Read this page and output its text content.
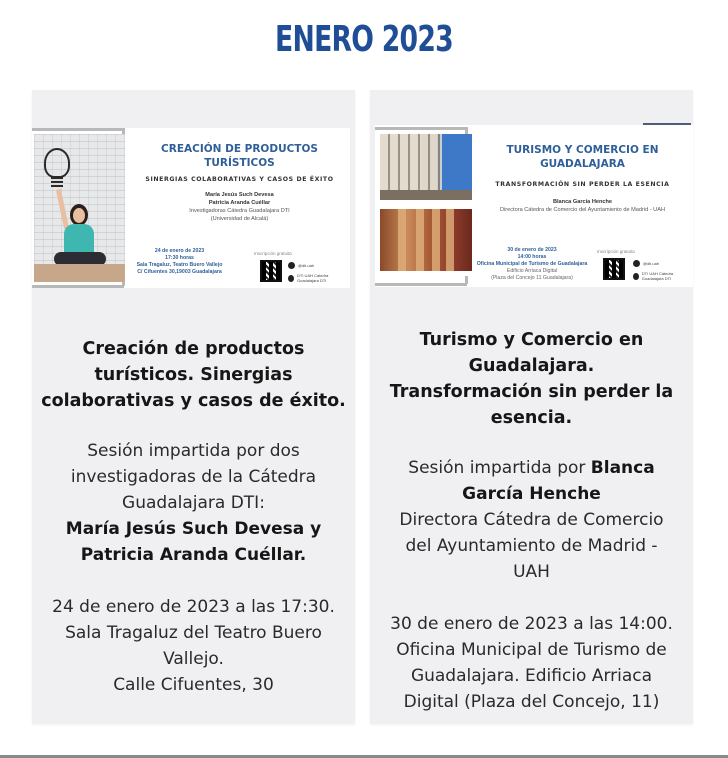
ENERO 2023
CREACIÓN DE PRODUCTOS
TURÍSTICOS
SINERGIAS COLABORATIVAS Y CASOS DE ÉXITO
María Jesús Such Devesa
Patricia Aranda Cuéllar
Investigadoras Cátedra Guadalajara DTI
(Universidad de Alcalá)
24 de enero de 2023
17:30 horas
Sala Tragaluz, Teatro Buero Vallejo
C/ Cifuentes 30,19003 Guadalajara
Inscripción gratuita
@dti.uah
DTI UAH Cátedra Guadalajara DTI
Creación de productos
turísticos. Sinergias
colaborativas y casos de éxito.
Sesión impartida por dos
investigadoras de la Cátedra
Guadalajara DTI:
María Jesús Such Devesa y
Patricia Aranda Cuéllar.
24 de enero de 2023 a las 17:30.
Sala Tragaluz del Teatro Buero
Vallejo.
Calle Cifuentes, 30
TURISMO Y COMERCIO EN
GUADALAJARA
TRANSFORMACIÓN SIN PERDER LA ESENCIA
Blanca García Henche
Directora Cátedra de Comercio del Ayuntamiento de Madrid - UAH
30 de enero de 2023
14:00 horas
Oficina Municipal de Turismo de Guadalajara
Edificio Arriaca Digital
(Plaza del Concejo 11 Guadalajara)
Inscripción gratuita
@dti.uah
DTI UAH Cátedra Guadalajara DTI
Turismo y Comercio en
Guadalajara.
Transformación sin perder la
esencia.
Sesión impartida por Blanca
García Henche
Directora Cátedra de Comercio
del Ayuntamiento de Madrid -
UAH
30 de enero de 2023 a las 14:00.
Oficina Municipal de Turismo de
Guadalajara. Edificio Arriaca
Digital (Plaza del Concejo, 11)
